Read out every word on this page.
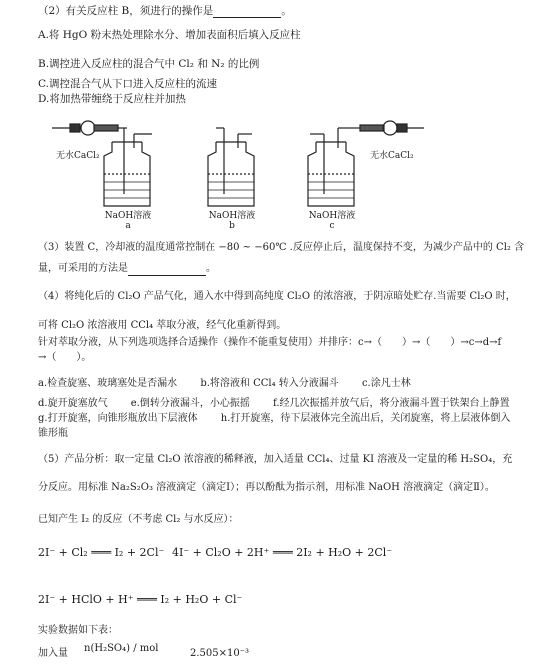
（2）有关反应柱 B，须进行的操作是	。
A.将 HgO 粉末热处理除水分、增加表面积后填入反应柱
B.调控进入反应柱的混合气中 Cl₂ 和 N₂ 的比例
C.调控混合气从下口进入反应柱的流速
D.将加热带缠绕于反应柱并加热
无水CaCl₂	无水CaCl₂
NaOH溶液
a
NaOH溶液
b
NaOH溶液
c
（3）装置 C，冷却液的温度通常控制在 −80 ~ −60℃ .反应停止后，温度保持不变，为减少产品中的 Cl₂ 含
量，可采用的方法是	。
（4）将纯化后的 Cl₂O 产品气化，通入水中得到高纯度 Cl₂O 的浓溶液，于阴凉暗处贮存.当需要 Cl₂O 时，
可将 Cl₂O 浓溶液用 CCl₄ 萃取分液，经气化重新得到。
针对萃取分液，从下列选项选择合适操作（操作不能重复使用）并排序：c→（　　）→（　　）→c→d→f
→（　　）。
a.检查旋塞、玻璃塞处是否漏水　　 b.将溶液和 CCl₄ 转入分液漏斗　　 c.涂凡士林
d.旋开旋塞放气　　 e.倒转分液漏斗，小心振摇　　 f.经几次振摇并放气后，将分液漏斗置于铁架台上静置
g.打开旋塞，向锥形瓶放出下层液体　　 h.打开旋塞，待下层液体完全流出后，关闭旋塞，将上层液体倒入
锥形瓶
（5）产品分析：取一定量 Cl₂O 浓溶液的稀释液，加入适量 CCl₄、过量 KI 溶液及一定量的稀 H₂SO₄，充
分反应。用标准 Na₂S₂O₃ 溶液滴定（滴定Ⅰ）；再以酚酞为指示剂，用标准 NaOH 溶液滴定（滴定Ⅱ）。
已知产生 I₂ 的反应（不考虑 Cl₂ 与水反应）：
2I⁻ + Cl₂ ═══ I₂ + 2Cl⁻ 4I⁻ + Cl₂O + 2H⁺ ═══ 2I₂ + H₂O + 2Cl⁻
2I⁻ + HClO + H⁺ ═══ I₂ + H₂O + Cl⁻
实验数据如下表：
加入量 n(H₂SO₄) / mol	2.505×10⁻³
